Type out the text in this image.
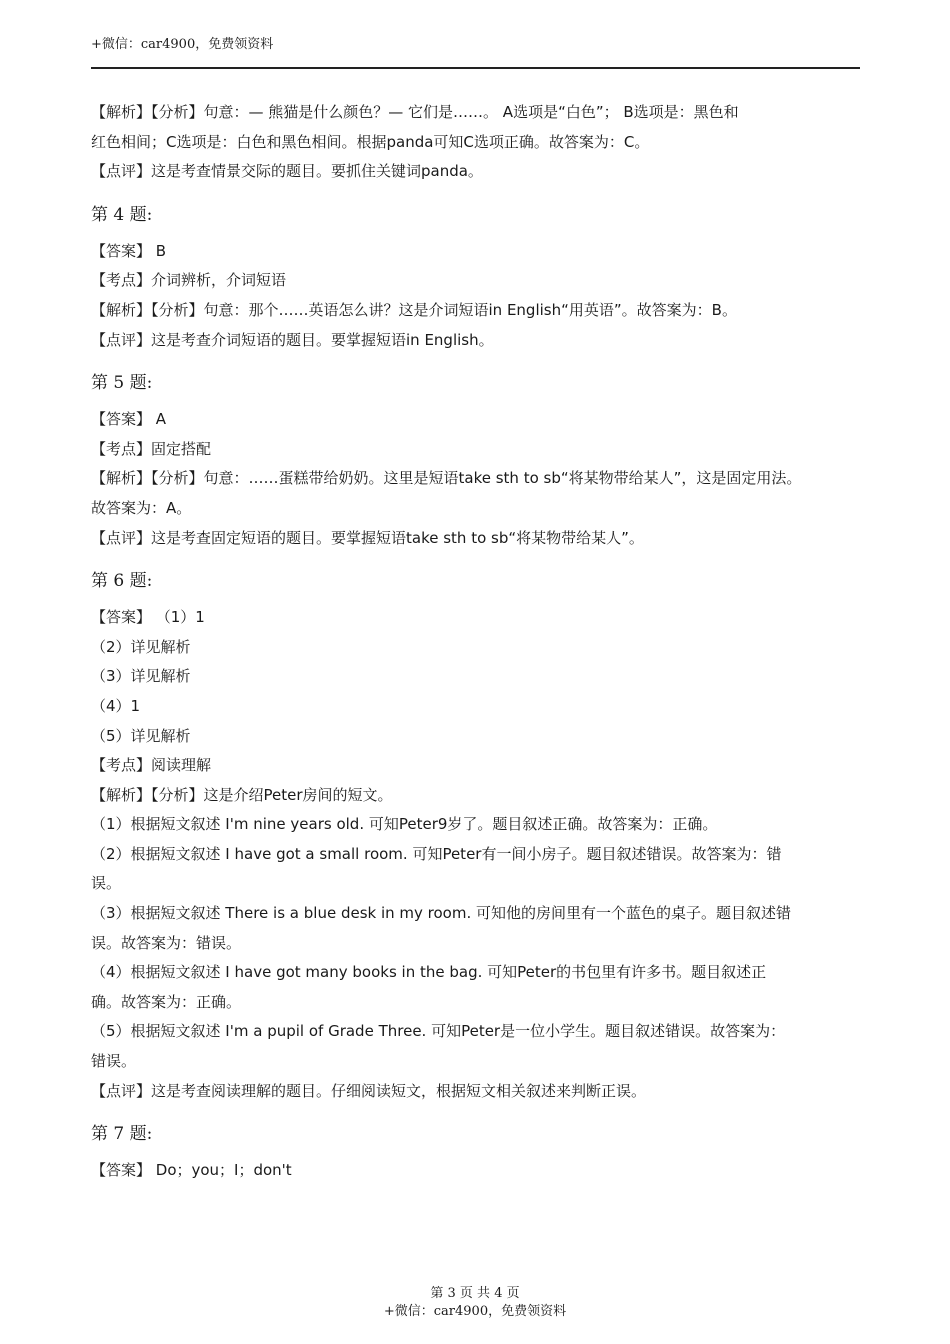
+微信：car4900，免费领资料
【解析】【分析】句意：— 熊猫是什么颜色？— 它们是……。 A选项是“白色”； B选项是：黑色和
红色相间；C选项是：白色和黑色相间。根据panda可知C选项正确。故答案为：C。
【点评】这是考查情景交际的题目。要抓住关键词panda。
第 4 题:
【答案】 B
【考点】介词辨析，介词短语
【解析】【分析】句意：那个……英语怎么讲？这是介词短语in English“用英语”。故答案为：B。
【点评】这是考查介词短语的题目。要掌握短语in English。
第 5 题:
【答案】 A
【考点】固定搭配
【解析】【分析】句意：……蛋糕带给奶奶。这里是短语take sth to sb“将某物带给某人”，这是固定用法。
故答案为：A。
【点评】这是考查固定短语的题目。要掌握短语take sth to sb“将某物带给某人”。
第 6 题:
【答案】 （1）1
（2）详见解析
（3）详见解析
（4）1
（5）详见解析
【考点】阅读理解
【解析】【分析】这是介绍Peter房间的短文。
（1）根据短文叙述 I'm nine years old. 可知Peter9岁了。题目叙述正确。故答案为：正确。
（2）根据短文叙述 I have got a small room. 可知Peter有一间小房子。题目叙述错误。故答案为：错
误。
（3）根据短文叙述 There is a blue desk in my room. 可知他的房间里有一个蓝色的桌子。题目叙述错
误。故答案为：错误。
（4）根据短文叙述 I have got many books in the bag. 可知Peter的书包里有许多书。题目叙述正
确。故答案为：正确。
（5）根据短文叙述 I'm a pupil of Grade Three. 可知Peter是一位小学生。题目叙述错误。故答案为：
错误。
【点评】这是考查阅读理解的题目。仔细阅读短文，根据短文相关叙述来判断正误。
第 7 题:
【答案】 Do；you；I；don't
第 3 页 共 4 页
+微信：car4900，免费领资料
